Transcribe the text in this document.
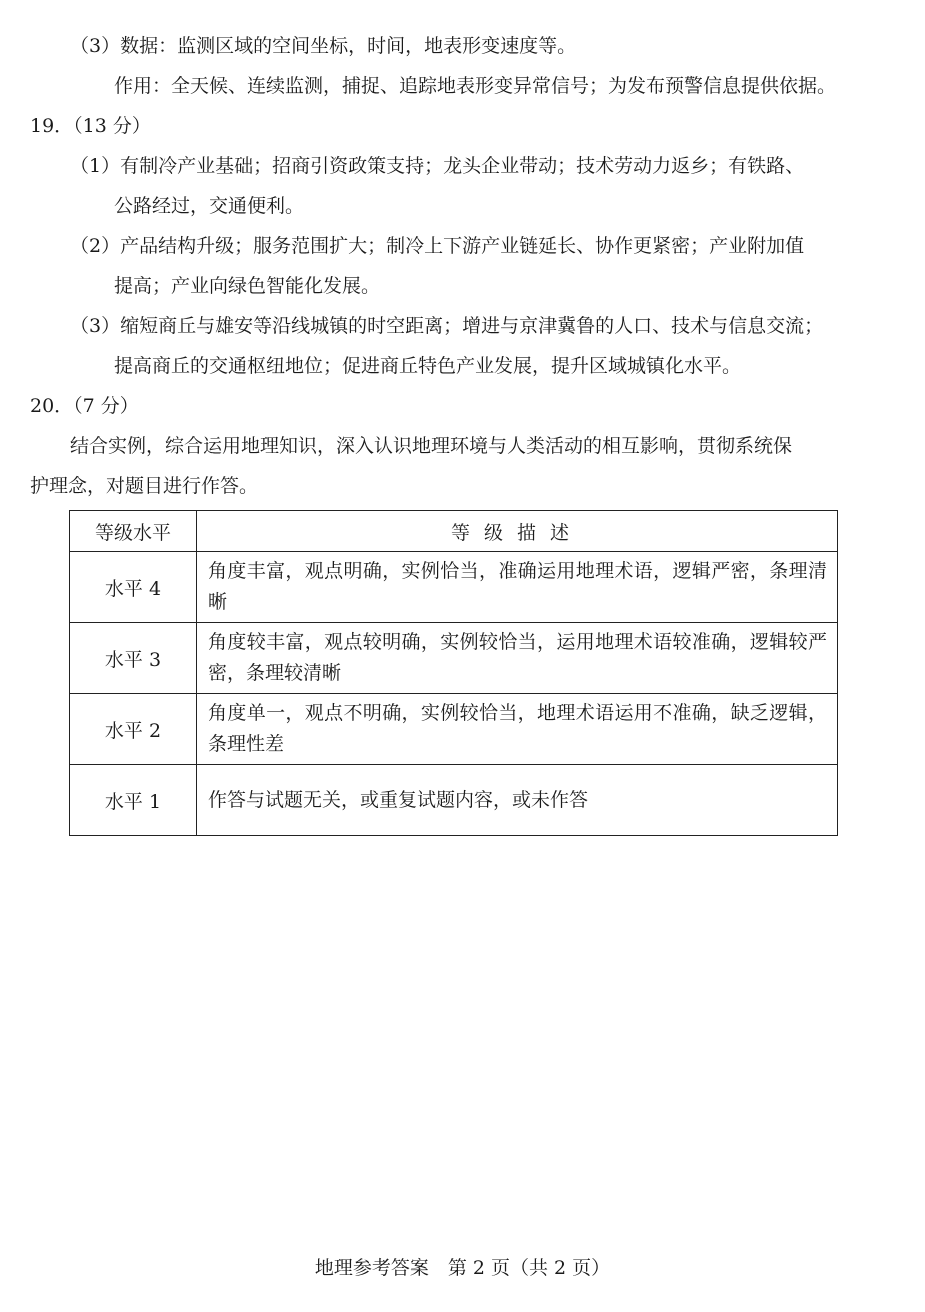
（3）数据：监测区域的空间坐标，时间，地表形变速度等。
作用：全天候、连续监测，捕捉、追踪地表形变异常信号；为发布预警信息提供依据。
19．（13 分）
（1）有制冷产业基础；招商引资政策支持；龙头企业带动；技术劳动力返乡；有铁路、
公路经过，交通便利。
（2）产品结构升级；服务范围扩大；制冷上下游产业链延长、协作更紧密；产业附加值
提高；产业向绿色智能化发展。
（3）缩短商丘与雄安等沿线城镇的时空距离；增进与京津冀鲁的人口、技术与信息交流；
提高商丘的交通枢纽地位；促进商丘特色产业发展，提升区域城镇化水平。
20．（7 分）
结合实例，综合运用地理知识，深入认识地理环境与人类活动的相互影响，贯彻系统保
护理念，对题目进行作答。
等级水平	等级描述
水平 4	角度丰富，观点明确，实例恰当，准确运用地理术语，逻辑严密，条理清晰
水平 3	角度较丰富，观点较明确，实例较恰当，运用地理术语较准确，逻辑较严密，条理较清晰
水平 2	角度单一，观点不明确，实例较恰当，地理术语运用不准确，缺乏逻辑，条理性差
水平 1	作答与试题无关，或重复试题内容，或未作答
地理参考答案　第 2 页（共 2 页）
